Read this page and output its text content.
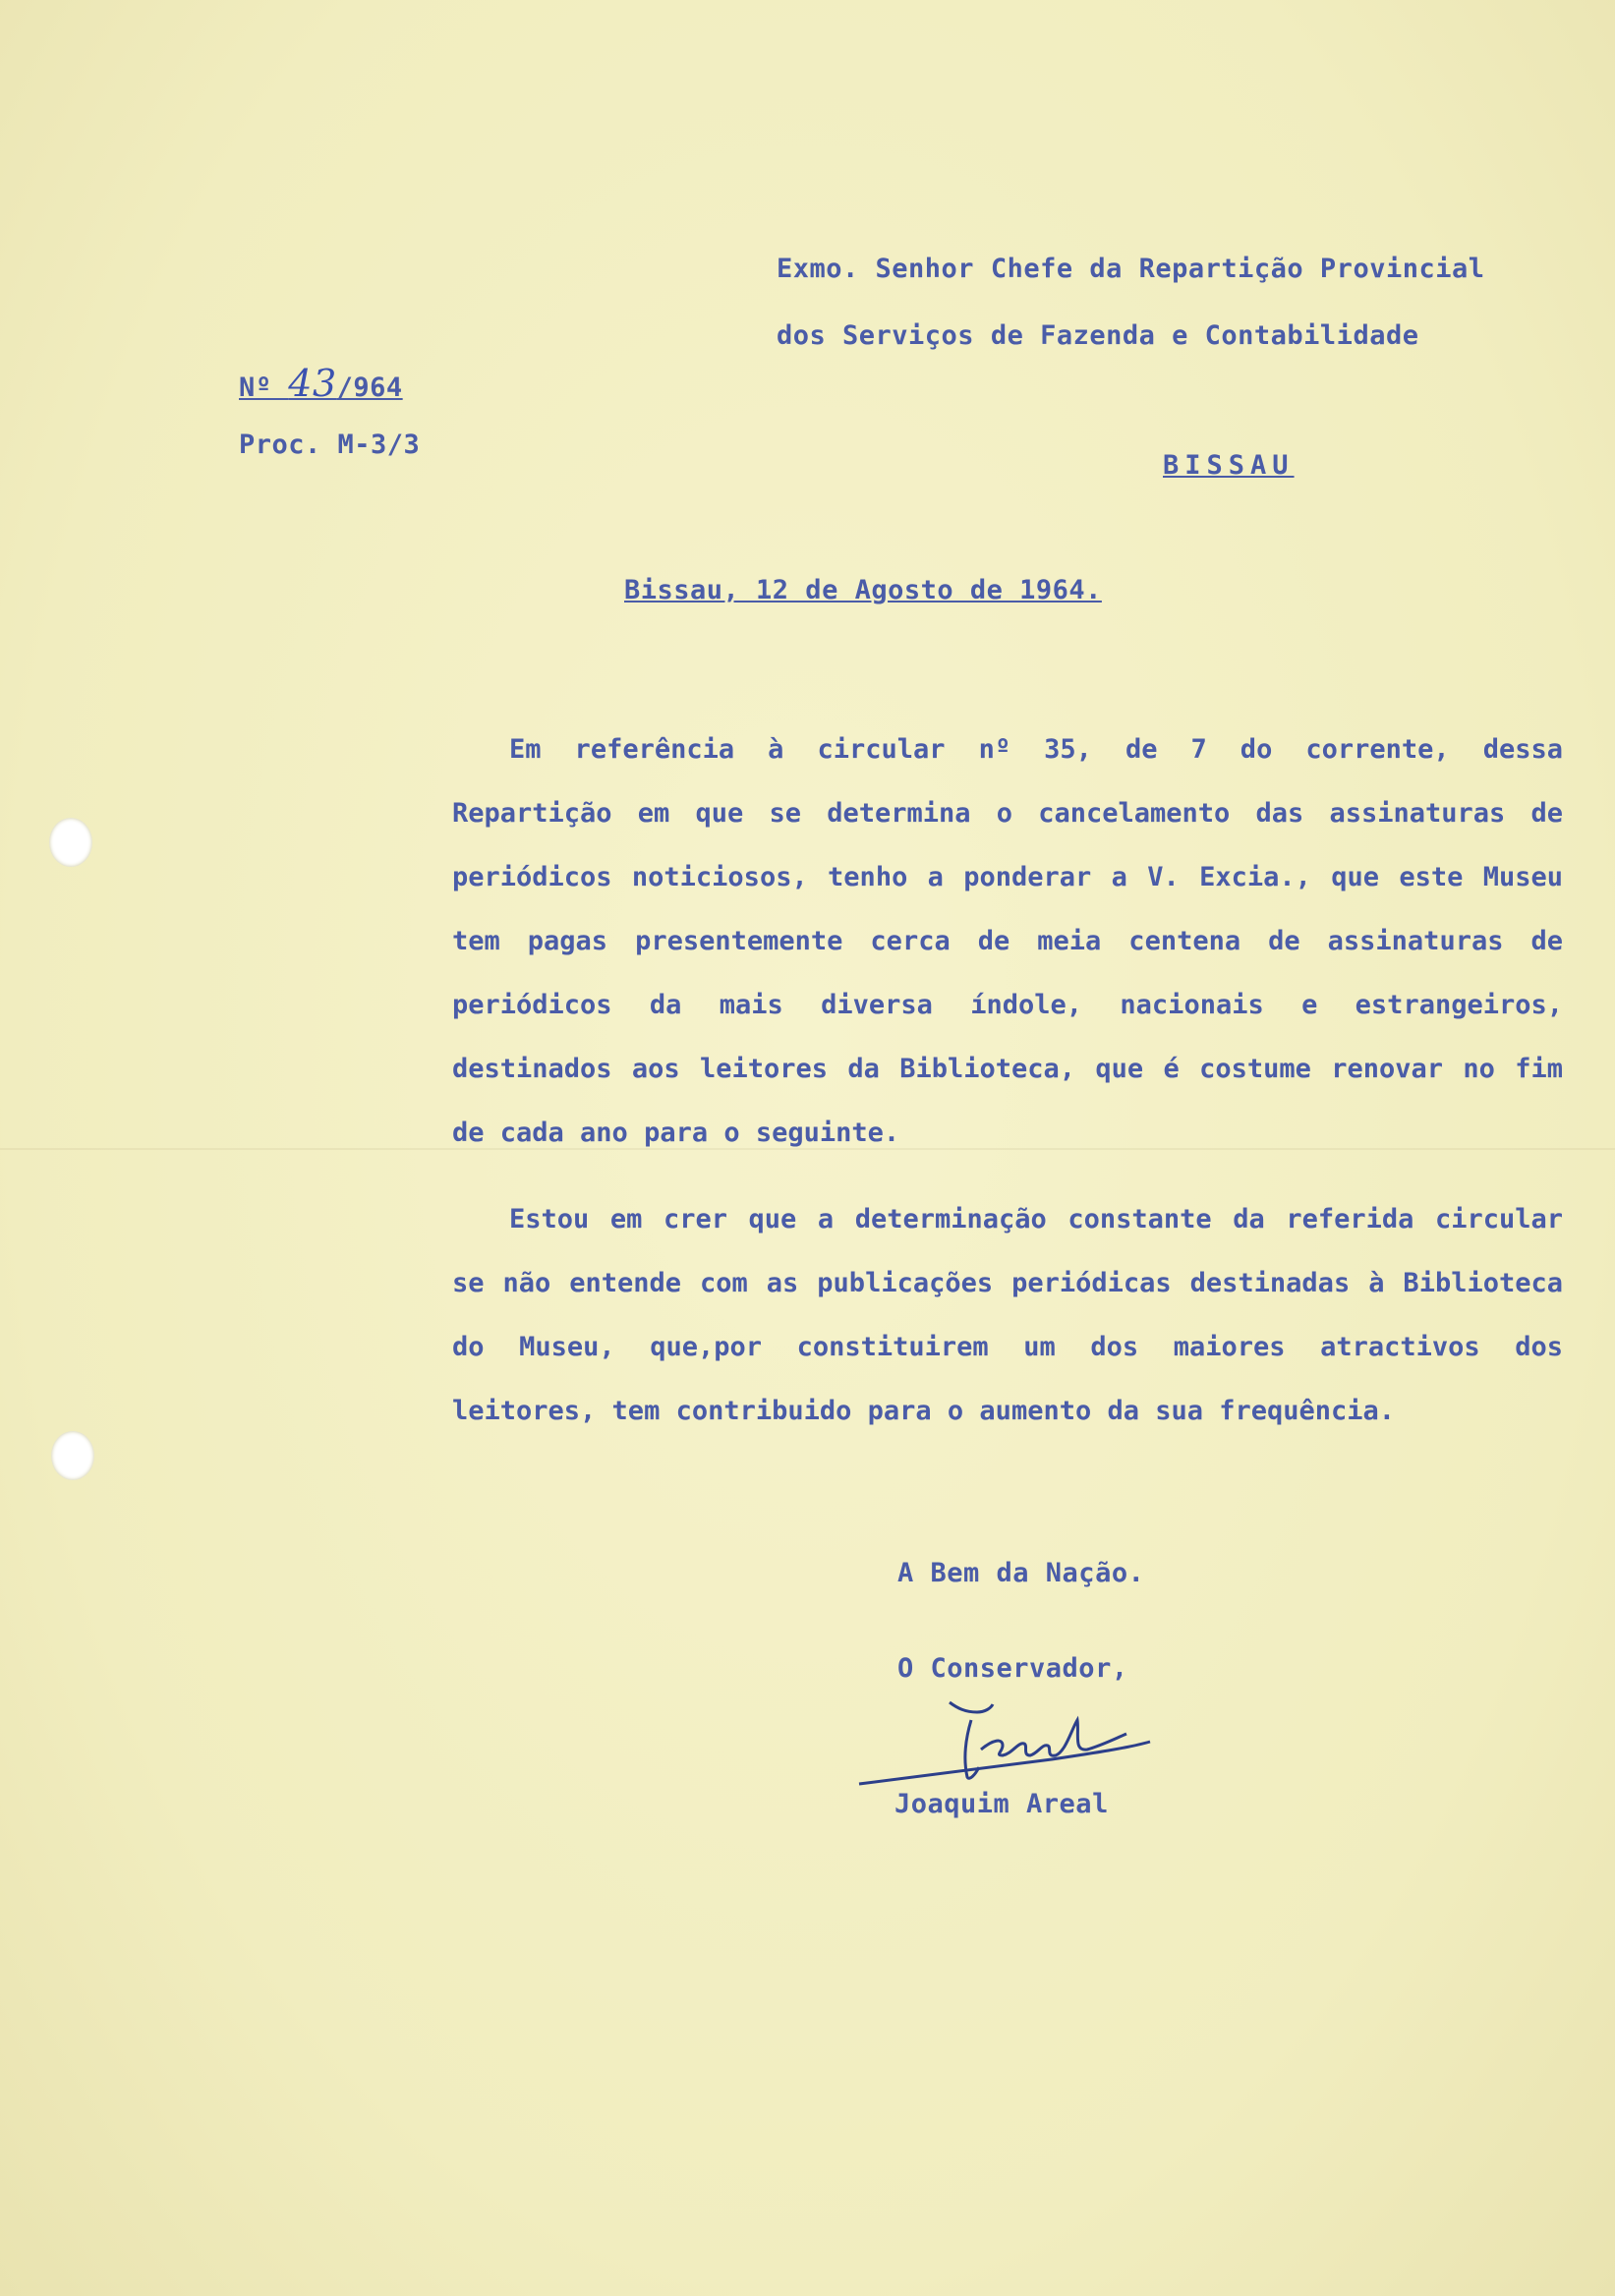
Exmo. Senhor Chefe da Repartição Provincial
dos Serviços de Fazenda e Contabilidade
Nº 43/964
Proc. M-3/3
BISSAU
Bissau, 12 de Agosto de 1964.
Em referência à circular nº 35, de 7 do corrente, dessa Repartição em que se determina o cancelamento das assinaturas de periódicos noticiosos, tenho a ponderar a V. Excia., que este Museu tem pagas presentemente cerca de meia centena de assinaturas de periódicos da mais diversa índole, nacionais e estrangeiros, destinados aos leitores da Biblioteca, que é costume renovar no fim de cada ano para o seguinte.
Estou em crer que a determinação constante da referida circular se não entende com as publicações periódicas destinadas à Biblioteca do Museu, que,por constituirem um dos maiores atractivos dos leitores, tem contribuido para o aumento da sua frequência.
A Bem da Nação.
O Conservador,
Joaquim Areal
